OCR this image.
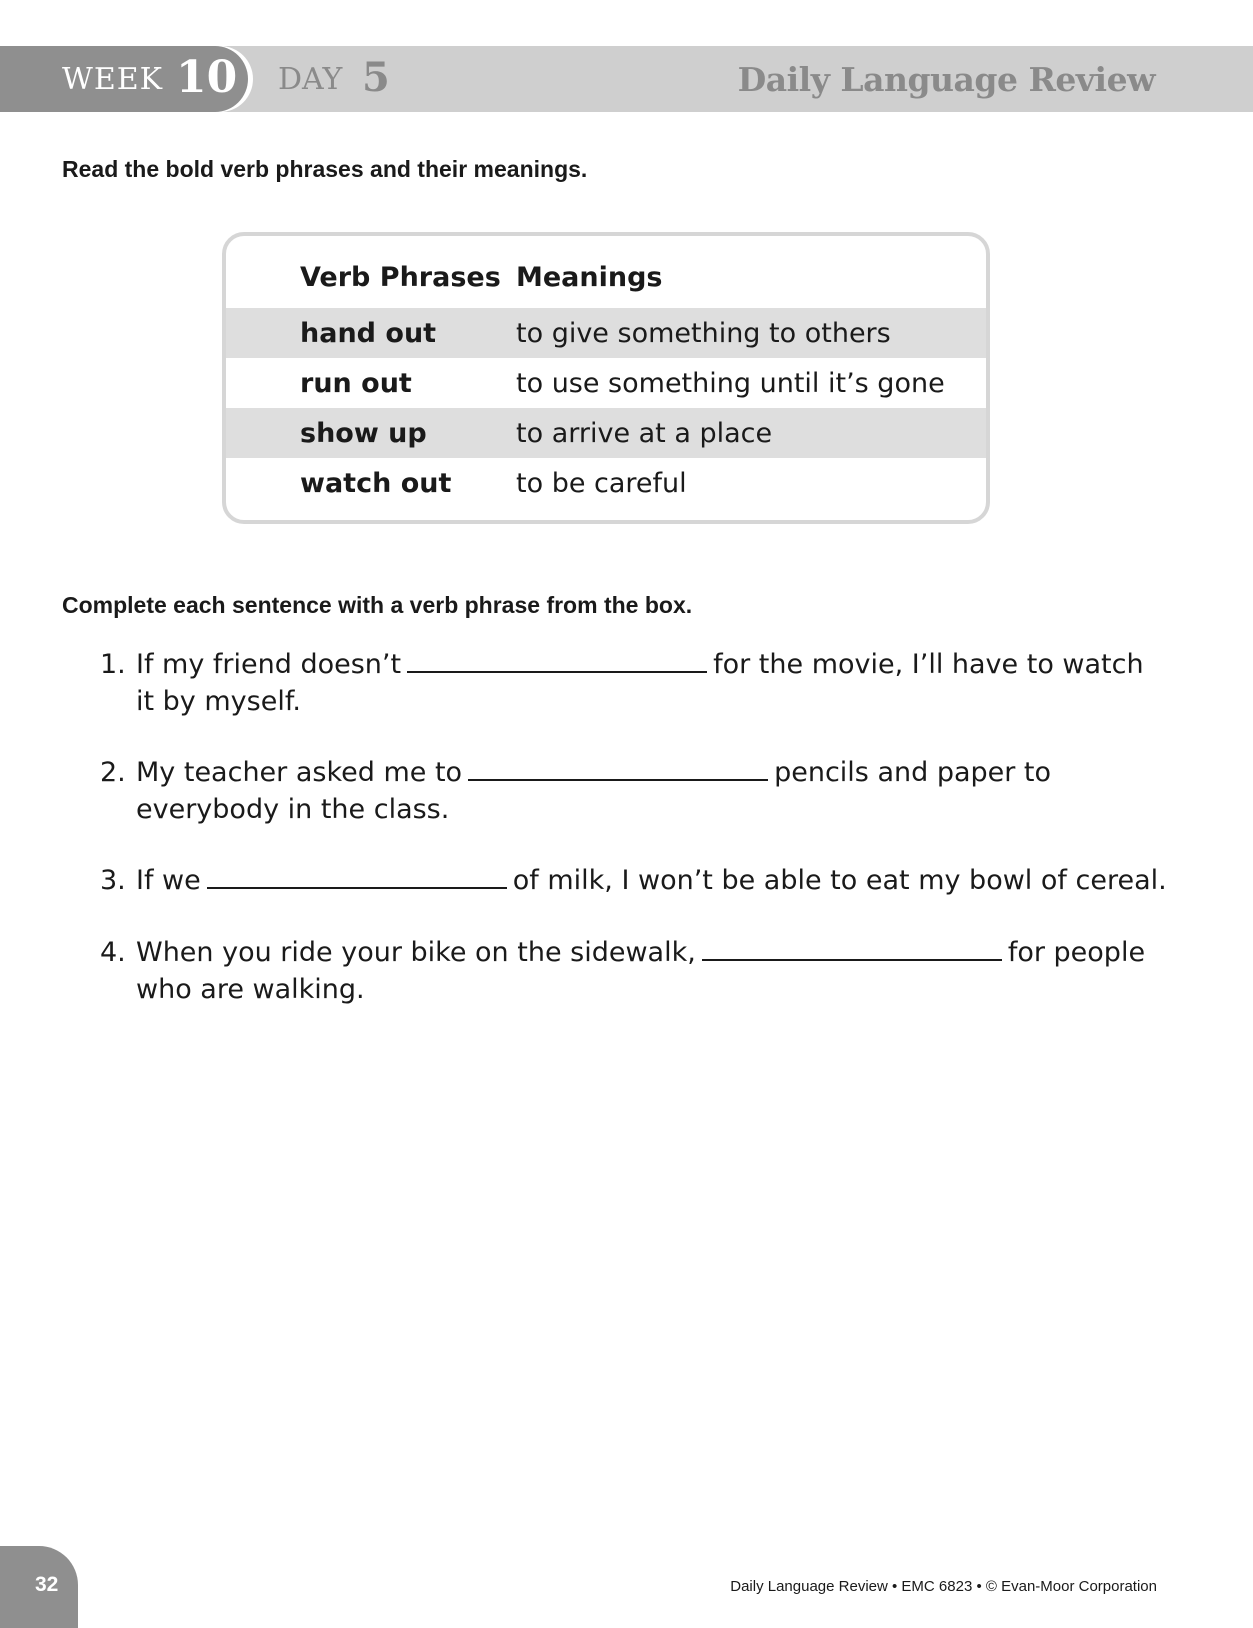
WEEK 10 DAY 5	Daily Language Review
Read the bold verb phrases and their meanings.
Verb Phrases Meanings
hand out	to give something to others
run out	to use something until it’s gone
show up	to arrive at a place
watch out to be careful
Complete each sentence with a verb phrase from the box.
1. If my friend doesn’t	for the movie, I’ll have to watch
it by myself.
2. My teacher asked me to	pencils and paper to
everybody in the class.
3. If we	of milk, I won’t be able to eat my bowl of cereal.
4. When you ride your bike on the sidewalk,	for people
who are walking.
32	Daily Language Review • EMC 6823 • © Evan-Moor Corporation
